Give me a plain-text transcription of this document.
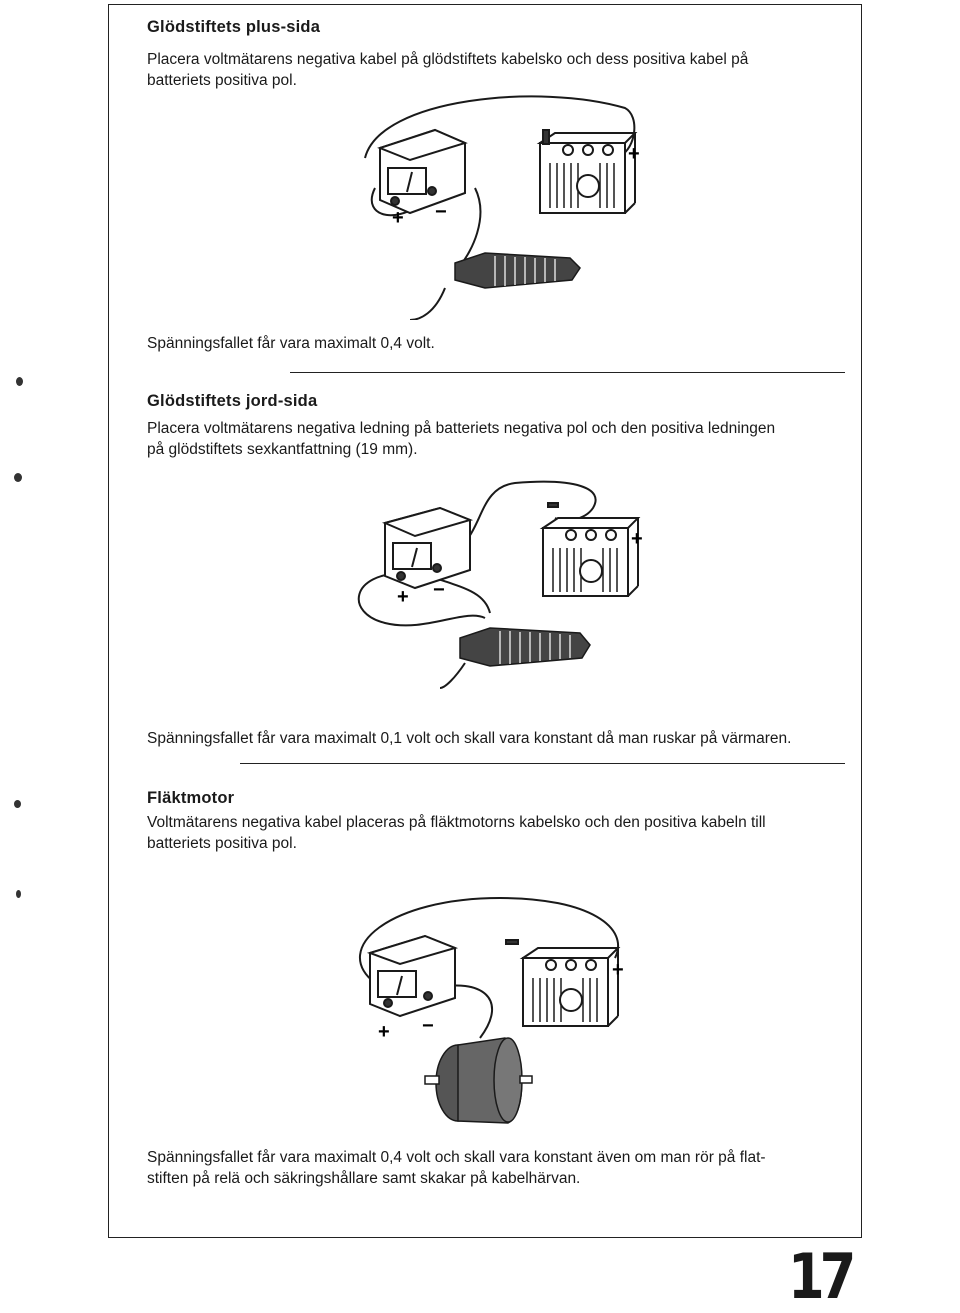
Glödstiftets plus-sida
Placera voltmätarens negativa kabel på glödstiftets kabelsko och dess positiva kabel på
batteriets positiva pol.
+ −
+
Spänningsfallet får vara maximalt 0,4 volt.
Glödstiftets jord-sida
Placera voltmätarens negativa ledning på batteriets negativa pol och den positiva ledningen
på glödstiftets sexkantfattning (19 mm).
+ −
+
Spänningsfallet får vara maximalt 0,1 volt och skall vara konstant då man ruskar på värmaren.
Fläktmotor
Voltmätarens negativa kabel placeras på fläktmotorns kabelsko och den positiva kabeln till
batteriets positiva pol.
+ −
+
Spänningsfallet får vara maximalt 0,4 volt och skall vara konstant även om man rör på flat-
stiften på relä och säkringshållare samt skakar på kabelhärvan.
17
